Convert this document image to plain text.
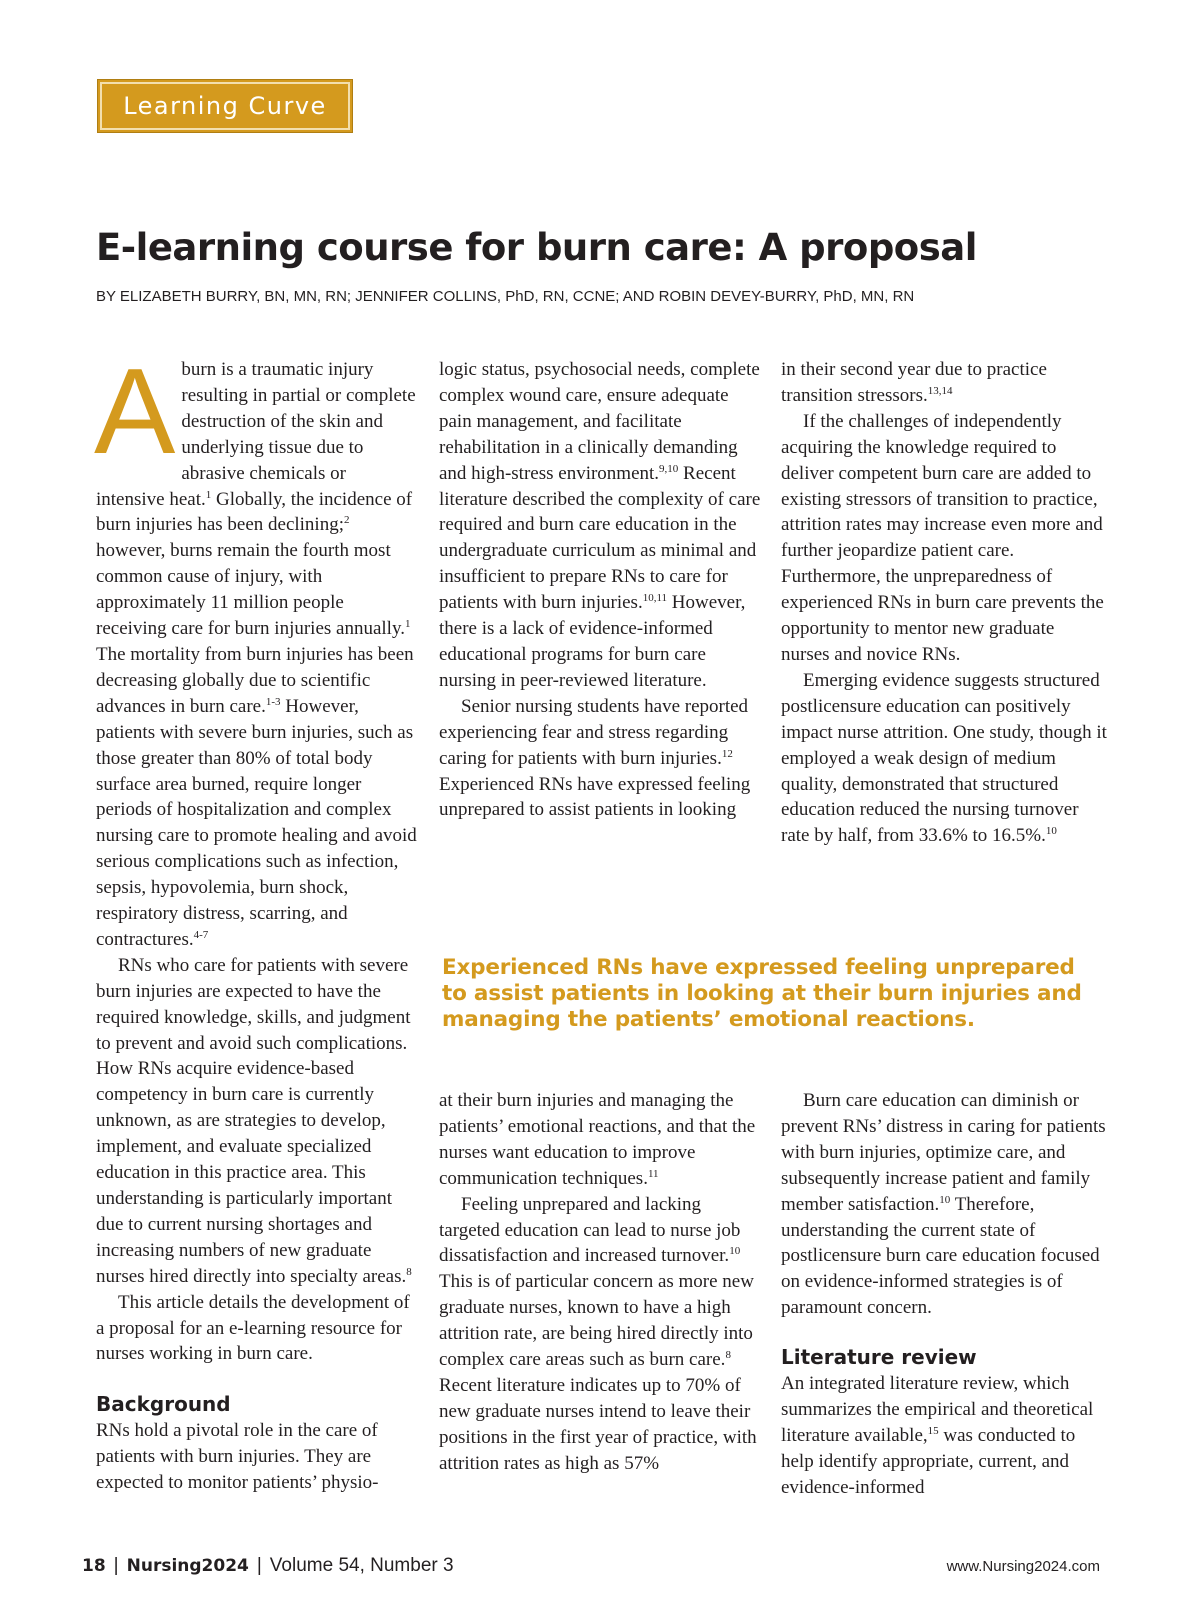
Learning Curve
E-learning course for burn care: A proposal

BY ELIZABETH BURRY, BN, MN, RN; JENNIFER COLLINS, PhD, RN, CCNE; AND ROBIN DEVEY-BURRY, PhD, MN, RN

Aburn is a traumatic injury resulting in partial or complete destruction of the skin and underlying tissue due to abrasive chemicals or intensive heat.$^1$ Globally, the incidence of burn injuries has been declining;$^2$ however, burns remain the fourth most common cause of injury, with approximately 11 million people receiving care for burn injuries annually.$^1$ The mortality from burn injuries has been decreasing globally due to scientific advances in burn care.$^{1-3}$ However, patients with severe burn injuries, such as those greater than 80% of total body surface area burned, require longer periods of hospitalization and complex nursing care to promote healing and avoid serious complications such as infection, sepsis, hypovolemia, burn shock, respiratory distress, scarring, and contractures.$^{4-7}$

RNs who care for patients with severe burn injuries are expected to have the required knowledge, skills, and judgment to prevent and avoid such complications. How RNs acquire evidence-based competency in burn care is currently unknown, as are strategies to develop, implement, and evaluate specialized education in this practice area. This understanding is particularly important due to current nursing shortages and increasing numbers of new graduate nurses hired directly into specialty areas.$^8$

This article details the development of a proposal for an e-learning resource for nurses working in burn care.

Background

RNs hold a pivotal role in the care of patients with burn injuries. They are expected to monitor patients’ physio-

logic status, psychosocial needs, complete complex wound care, ensure adequate pain management, and facilitate rehabilitation in a clinically demanding and high-stress environment.$^{9,10}$ Recent literature described the complexity of care required and burn care education in the undergraduate curriculum as minimal and insufficient to prepare RNs to care for patients with burn injuries.$^{10,11}$ However, there is a lack of evidence-informed educational programs for burn care nursing in peer-reviewed literature.

Senior nursing students have reported experiencing fear and stress regarding caring for patients with burn injuries.$^{12}$ Experienced RNs have expressed feeling unprepared to assist patients in looking

in their second year due to practice transition stressors.$^{13,14}$

If the challenges of independently acquiring the knowledge required to deliver competent burn care are added to existing stressors of transition to practice, attrition rates may increase even more and further jeopardize patient care. Furthermore, the unpreparedness of experienced RNs in burn care prevents the opportunity to mentor new graduate nurses and novice RNs.

Emerging evidence suggests structured postlicensure education can positively impact nurse attrition. One study, though it employed a weak design of medium quality, demonstrated that structured education reduced the nursing turnover rate by half, from 33.6% to 16.5%.$^{10}$

Experienced RNs have expressed feeling unprepared to assist patients in looking at their burn injuries and managing the patients’ emotional reactions.

at their burn injuries and managing the patients’ emotional reactions, and that the nurses want education to improve communication techniques.$^{11}$

Feeling unprepared and lacking targeted education can lead to nurse job dissatisfaction and increased turnover.$^{10}$ This is of particular concern as more new graduate nurses, known to have a high attrition rate, are being hired directly into complex care areas such as burn care.$^8$ Recent literature indicates up to 70% of new graduate nurses intend to leave their positions in the first year of practice, with attrition rates as high as 57%

Burn care education can diminish or prevent RNs’ distress in caring for patients with burn injuries, optimize care, and subsequently increase patient and family member satisfaction.$^{10}$ Therefore, understanding the current state of postlicensure burn care education focused on evidence-informed strategies is of paramount concern.

Literature review

An integrated literature review, which summarizes the empirical and theoretical literature available,$^{15}$ was conducted to help identify appropriate, current, and evidence-informed

18 | Nursing2024 | Volume 54, Number 3	www.Nursing2024.com
